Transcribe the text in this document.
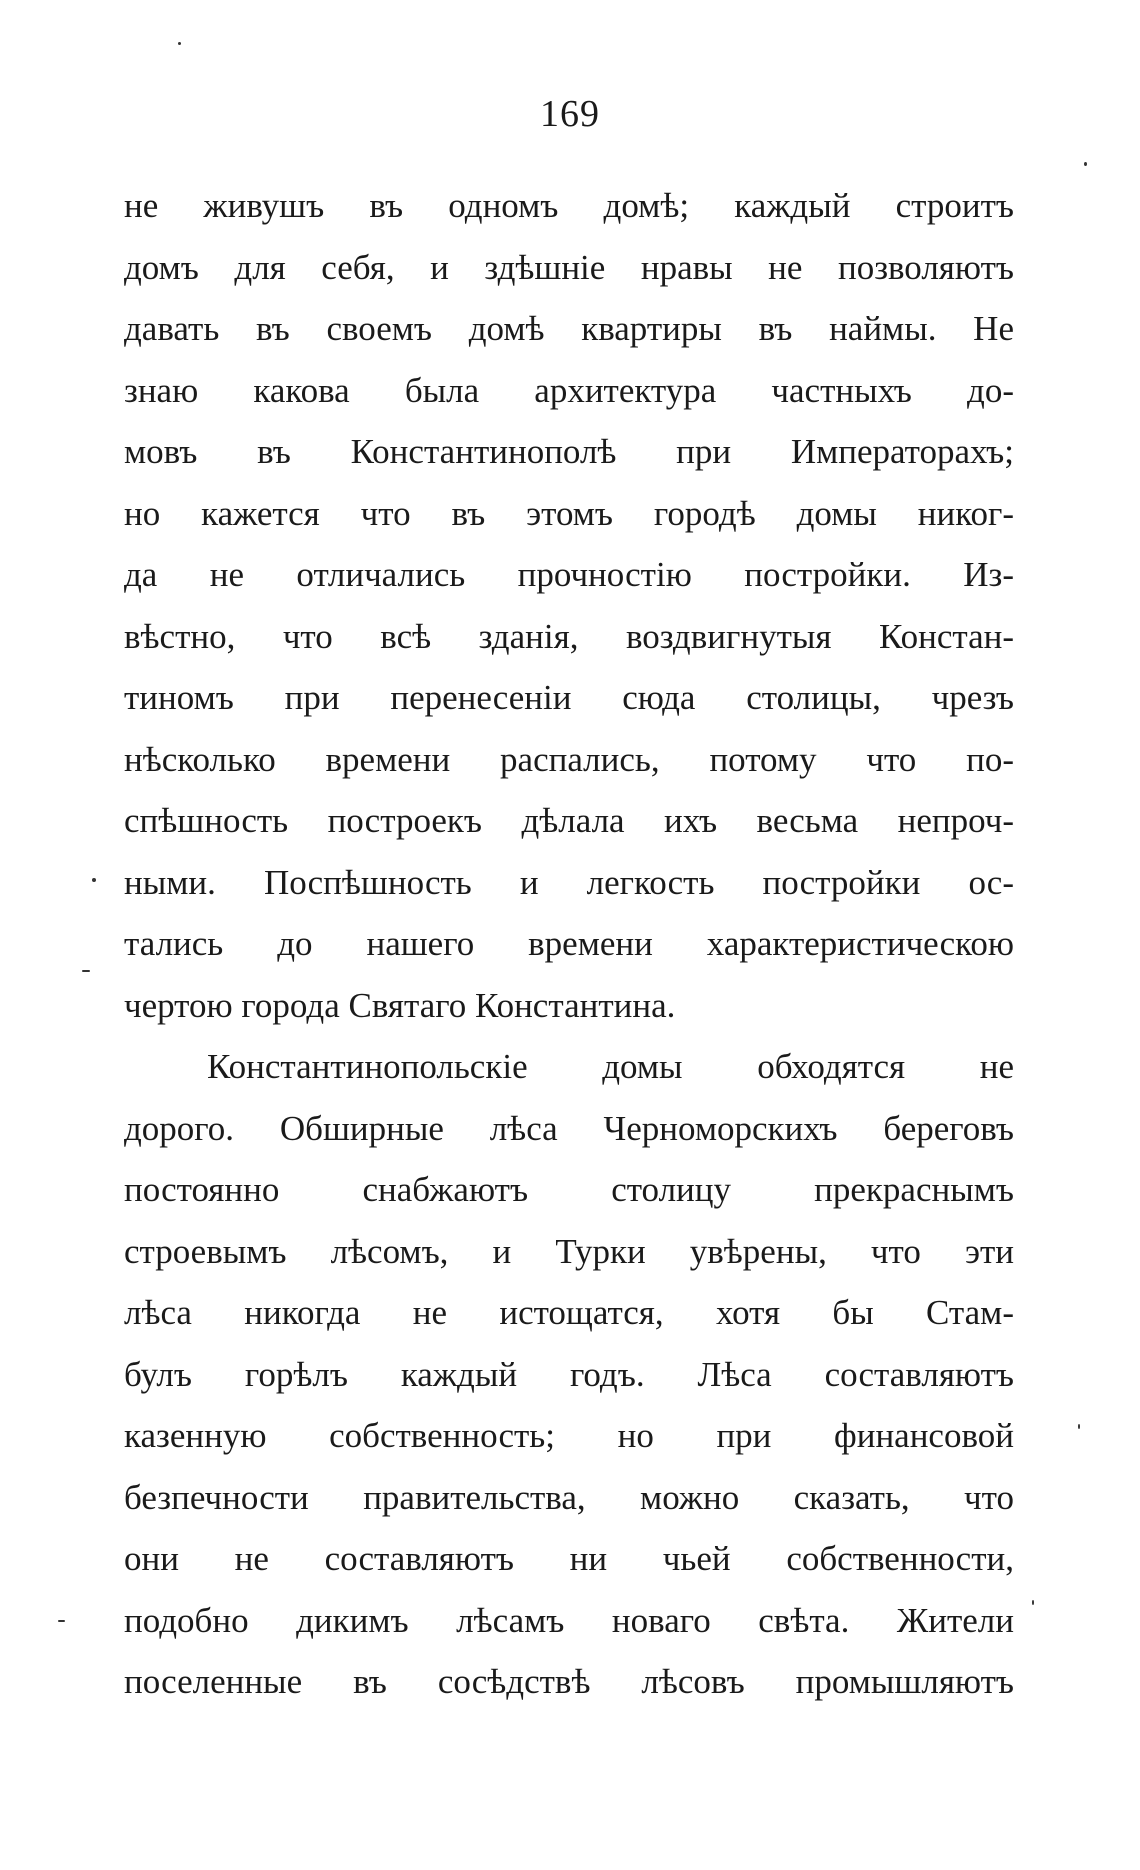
169
не живушъ въ одномъ домѣ; каждый строитъ
домъ для себя, и здѣшніе нравы не позволяютъ
давать въ своемъ домѣ квартиры въ наймы. Не
знаю какова была архитектура частныхъ до-
мовъ въ Константинополѣ при Императорахъ;
но кажется что въ этомъ городѣ домы никог-
да не отличались прочностію постройки. Из-
вѣстно, что всѣ зданія, воздвигнутыя Констан-
тиномъ при перенесеніи сюда столицы, чрезъ
нѣсколько времени распались, потому что по-
спѣшность построекъ дѣлала ихъ весьма непроч-
ными. Поспѣшность и легкость постройки ос-
тались до нашего времени характеристическою
чертою города Святаго Константина.
Константинопольскіе домы обходятся не
дорого. Обширные лѣса Черноморскихъ береговъ
постоянно снабжаютъ столицу прекраснымъ
строевымъ лѣсомъ, и Турки увѣрены, что эти
лѣса никогда не истощатся, хотя бы Стам-
булъ горѣлъ каждый годъ. Лѣса составляютъ
казенную собственность; но при финансовой
безпечности правительства, можно сказать, что
они не составляютъ ни чьей собственности,
подобно дикимъ лѣсамъ новаго свѣта. Жители
поселенные въ сосѣдствѣ лѣсовъ промышляютъ
